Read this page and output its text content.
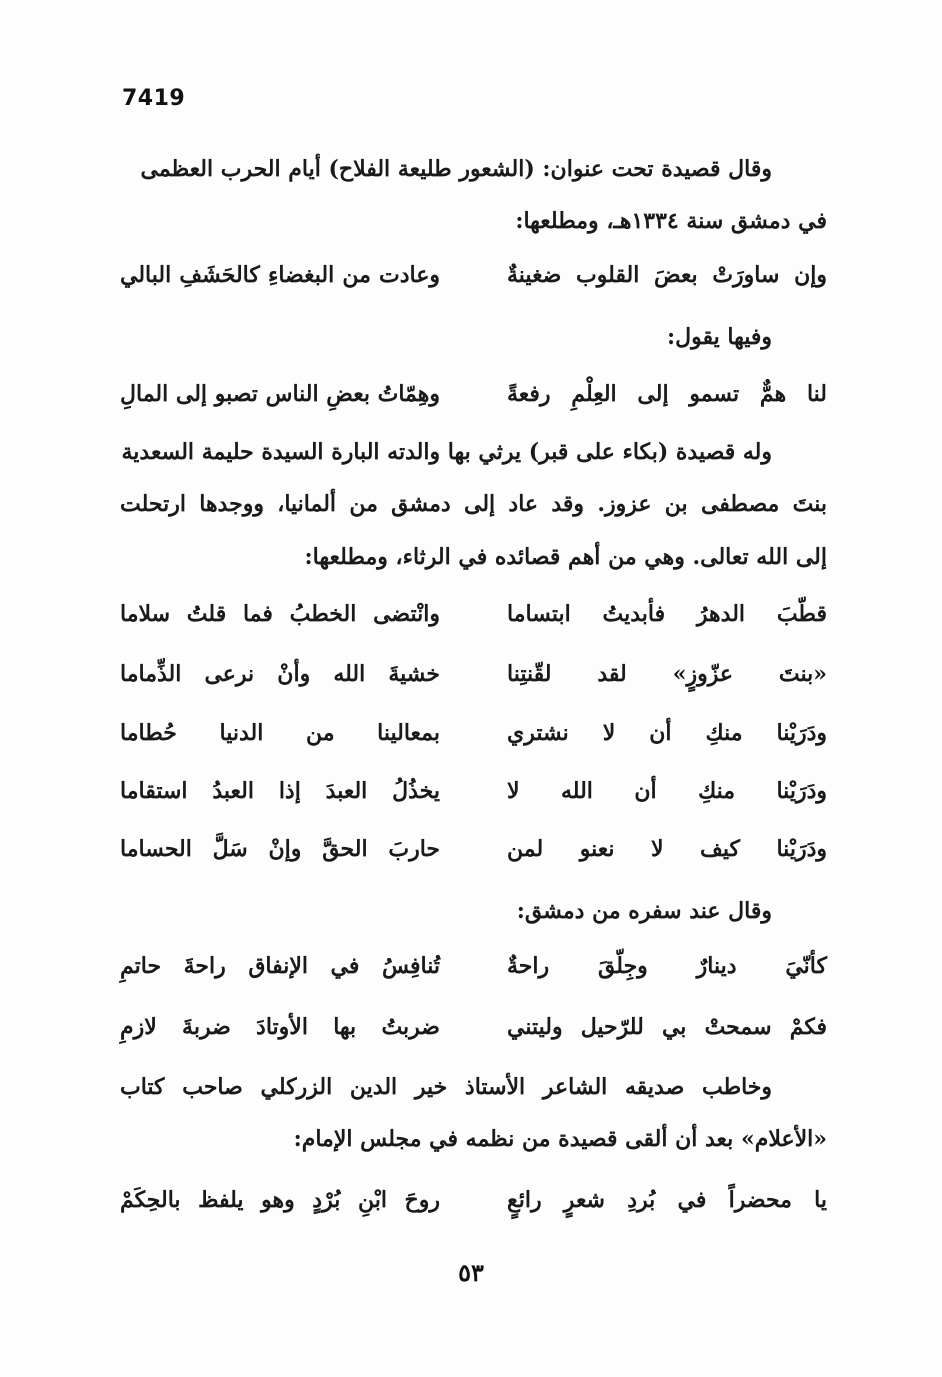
7419
وقال قصيدة تحت عنوان: (الشعور طليعة الفلاح) أيام الحرب العظمى
في دمشق سنة ١٣٣٤هـ، ومطلعها:
وإن ساورَتْ بعضَ القلوب ضغينةٌ
وعادت من البغضاءِ كالحَشَفِ البالي
وفيها يقول:
لنا همٌّ تسمو إلى العِلْمِ رفعةً
وهِمّاتُ بعضِ الناس تصبو إلى المالِ
وله قصيدة (بكاء على قبر) يرثي بها والدته البارة السيدة حليمة السعدية
بنتَ مصطفى بن عزوز. وقد عاد إلى دمشق من ألمانيا، ووجدها ارتحلت
إلى الله تعالى. وهي من أهم قصائده في الرثاء، ومطلعها:
قطّبَ الدهرُ فأبديتُ ابتساما
وانْتضى الخطبُ فما قلتُ سلاما
«بنتَ عزّوزٍ» لقد لقّنتِنا
خشيةَ الله وأنْ نرعى الذِّماما
ودَرَيْنا منكِ أن لا نشتري
بمعالينا من الدنيا حُطاما
ودَرَيْنا منكِ أن الله لا
يخذُلُ العبدَ إذا العبدُ استقاما
ودَرَيْنا كيف لا نعنو لمن
حاربَ الحقَّ وإنْ سَلَّ الحساما
وقال عند سفره من دمشق:
كأنّيَ دينارٌ وجِلّقَ راحةٌ
تُنافِسُ في الإنفاق راحةَ حاتمِ
فكمْ سمحتْ بي للرّحيل وليتني
ضربتُ بها الأوتادَ ضربةَ لازمِ
وخاطب صديقه الشاعر الأستاذ خير الدين الزركلي صاحب كتاب
«الأعلام» بعد أن ألقى قصيدة من نظمه في مجلس الإمام:
يا محضراً في بُردِ شعرٍ رائعٍ
روحَ ابْنِ بُرْدٍ وهو يلفظ بالحِكَمْ
٥٣
